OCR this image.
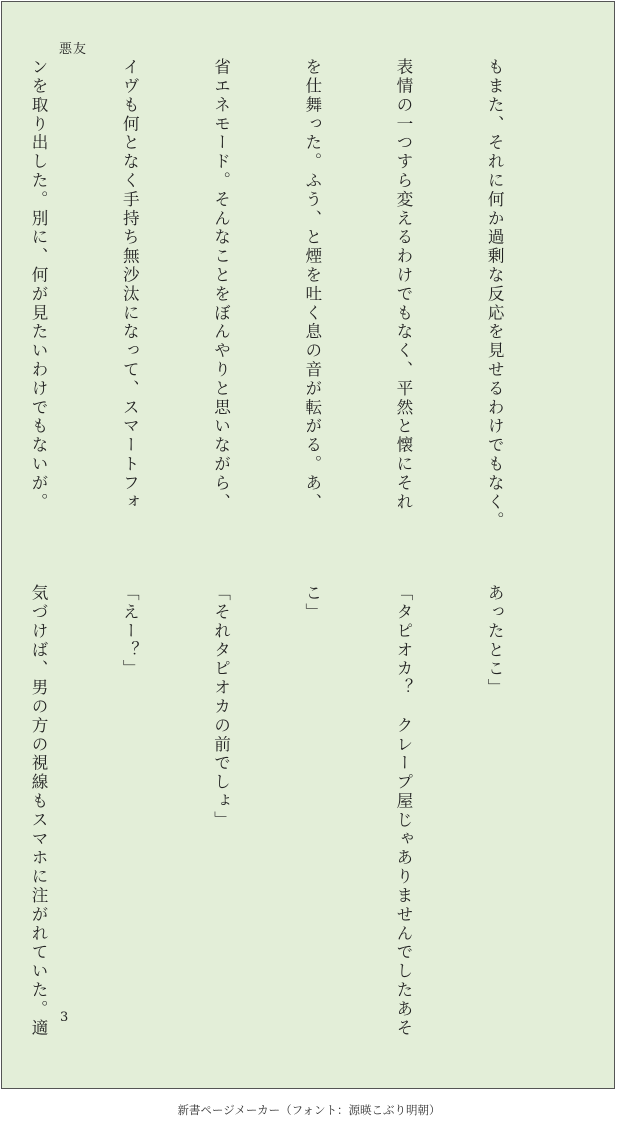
悪友

もまた、それに何か過剰な反応を見せるわけでもなく。

表情の一つすら変えるわけでもなく、平然と懐にそれ

を仕舞った。ふう、と煙を吐く息の音が転がる。あ、

省エネモード。そんなことをぼんやりと思いながら、

イヴも何となく手持ち無沙汰になって、スマートフォ

ンを取り出した。別に、何が見たいわけでもないが。

あったとこ」

「タピオカ？　クレープ屋じゃありませんでしたあそ

こ」

「それタピオカの前でしょ」

「えー？」

気づけば、男の方の視線もスマホに注がれていた。適

3
新書ページメーカー（フォント：源暎こぶり明朝）
